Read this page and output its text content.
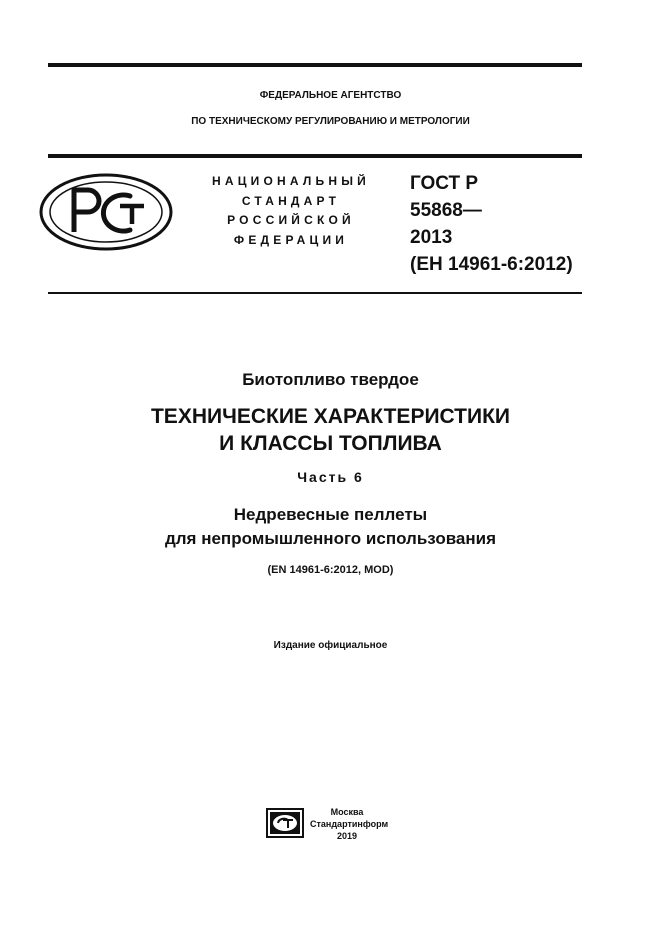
ФЕДЕРАЛЬНОЕ АГЕНТСТВО
ПО ТЕХНИЧЕСКОМУ РЕГУЛИРОВАНИЮ И МЕТРОЛОГИИ
НАЦИОНАЛЬНЫЙ
СТАНДАРТ
РОССИЙСКОЙ
ФЕДЕРАЦИИ
ГОСТ Р
55868—
2013
(ЕН 14961-6:2012)
Биотопливо твердое
ТЕХНИЧЕСКИЕ ХАРАКТЕРИСТИКИ
И КЛАССЫ ТОПЛИВА
Часть 6
Недревесные пеллеты
для непромышленного использования
(EN 14961-6:2012, MOD)
Издание официальное
Москва
Стандартинформ
2019
